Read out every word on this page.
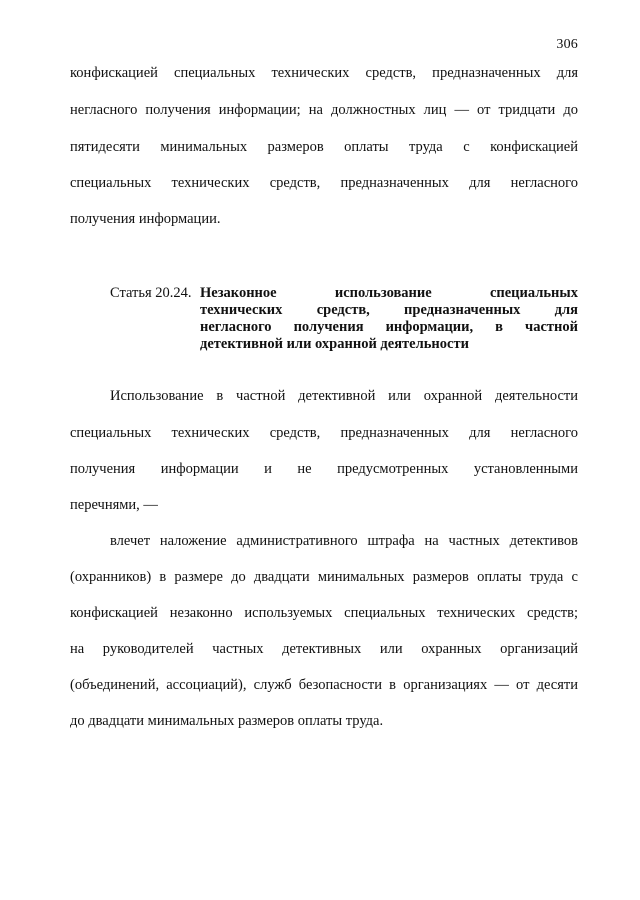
306
конфискацией специальных технических средств, предназначенных для
негласного получения информации; на должностных лиц — от тридцати до
пятидесяти минимальных размеров оплаты труда с конфискацией
специальных технических средств, предназначенных для негласного
получения информации.
Статья 20.24. Незаконное использование специальных
технических средств, предназначенных для
негласного получения информации, в частной
детективной или охранной деятельности
Использование в частной детективной или охранной деятельности
специальных технических средств, предназначенных для негласного
получения информации и не предусмотренных установленными
перечнями, —
влечет наложение административного штрафа на частных детективов
(охранников) в размере до двадцати минимальных размеров оплаты труда с
конфискацией незаконно используемых специальных технических средств;
на руководителей частных детективных или охранных организаций
(объединений, ассоциаций), служб безопасности в организациях — от десяти
до двадцати минимальных размеров оплаты труда.
